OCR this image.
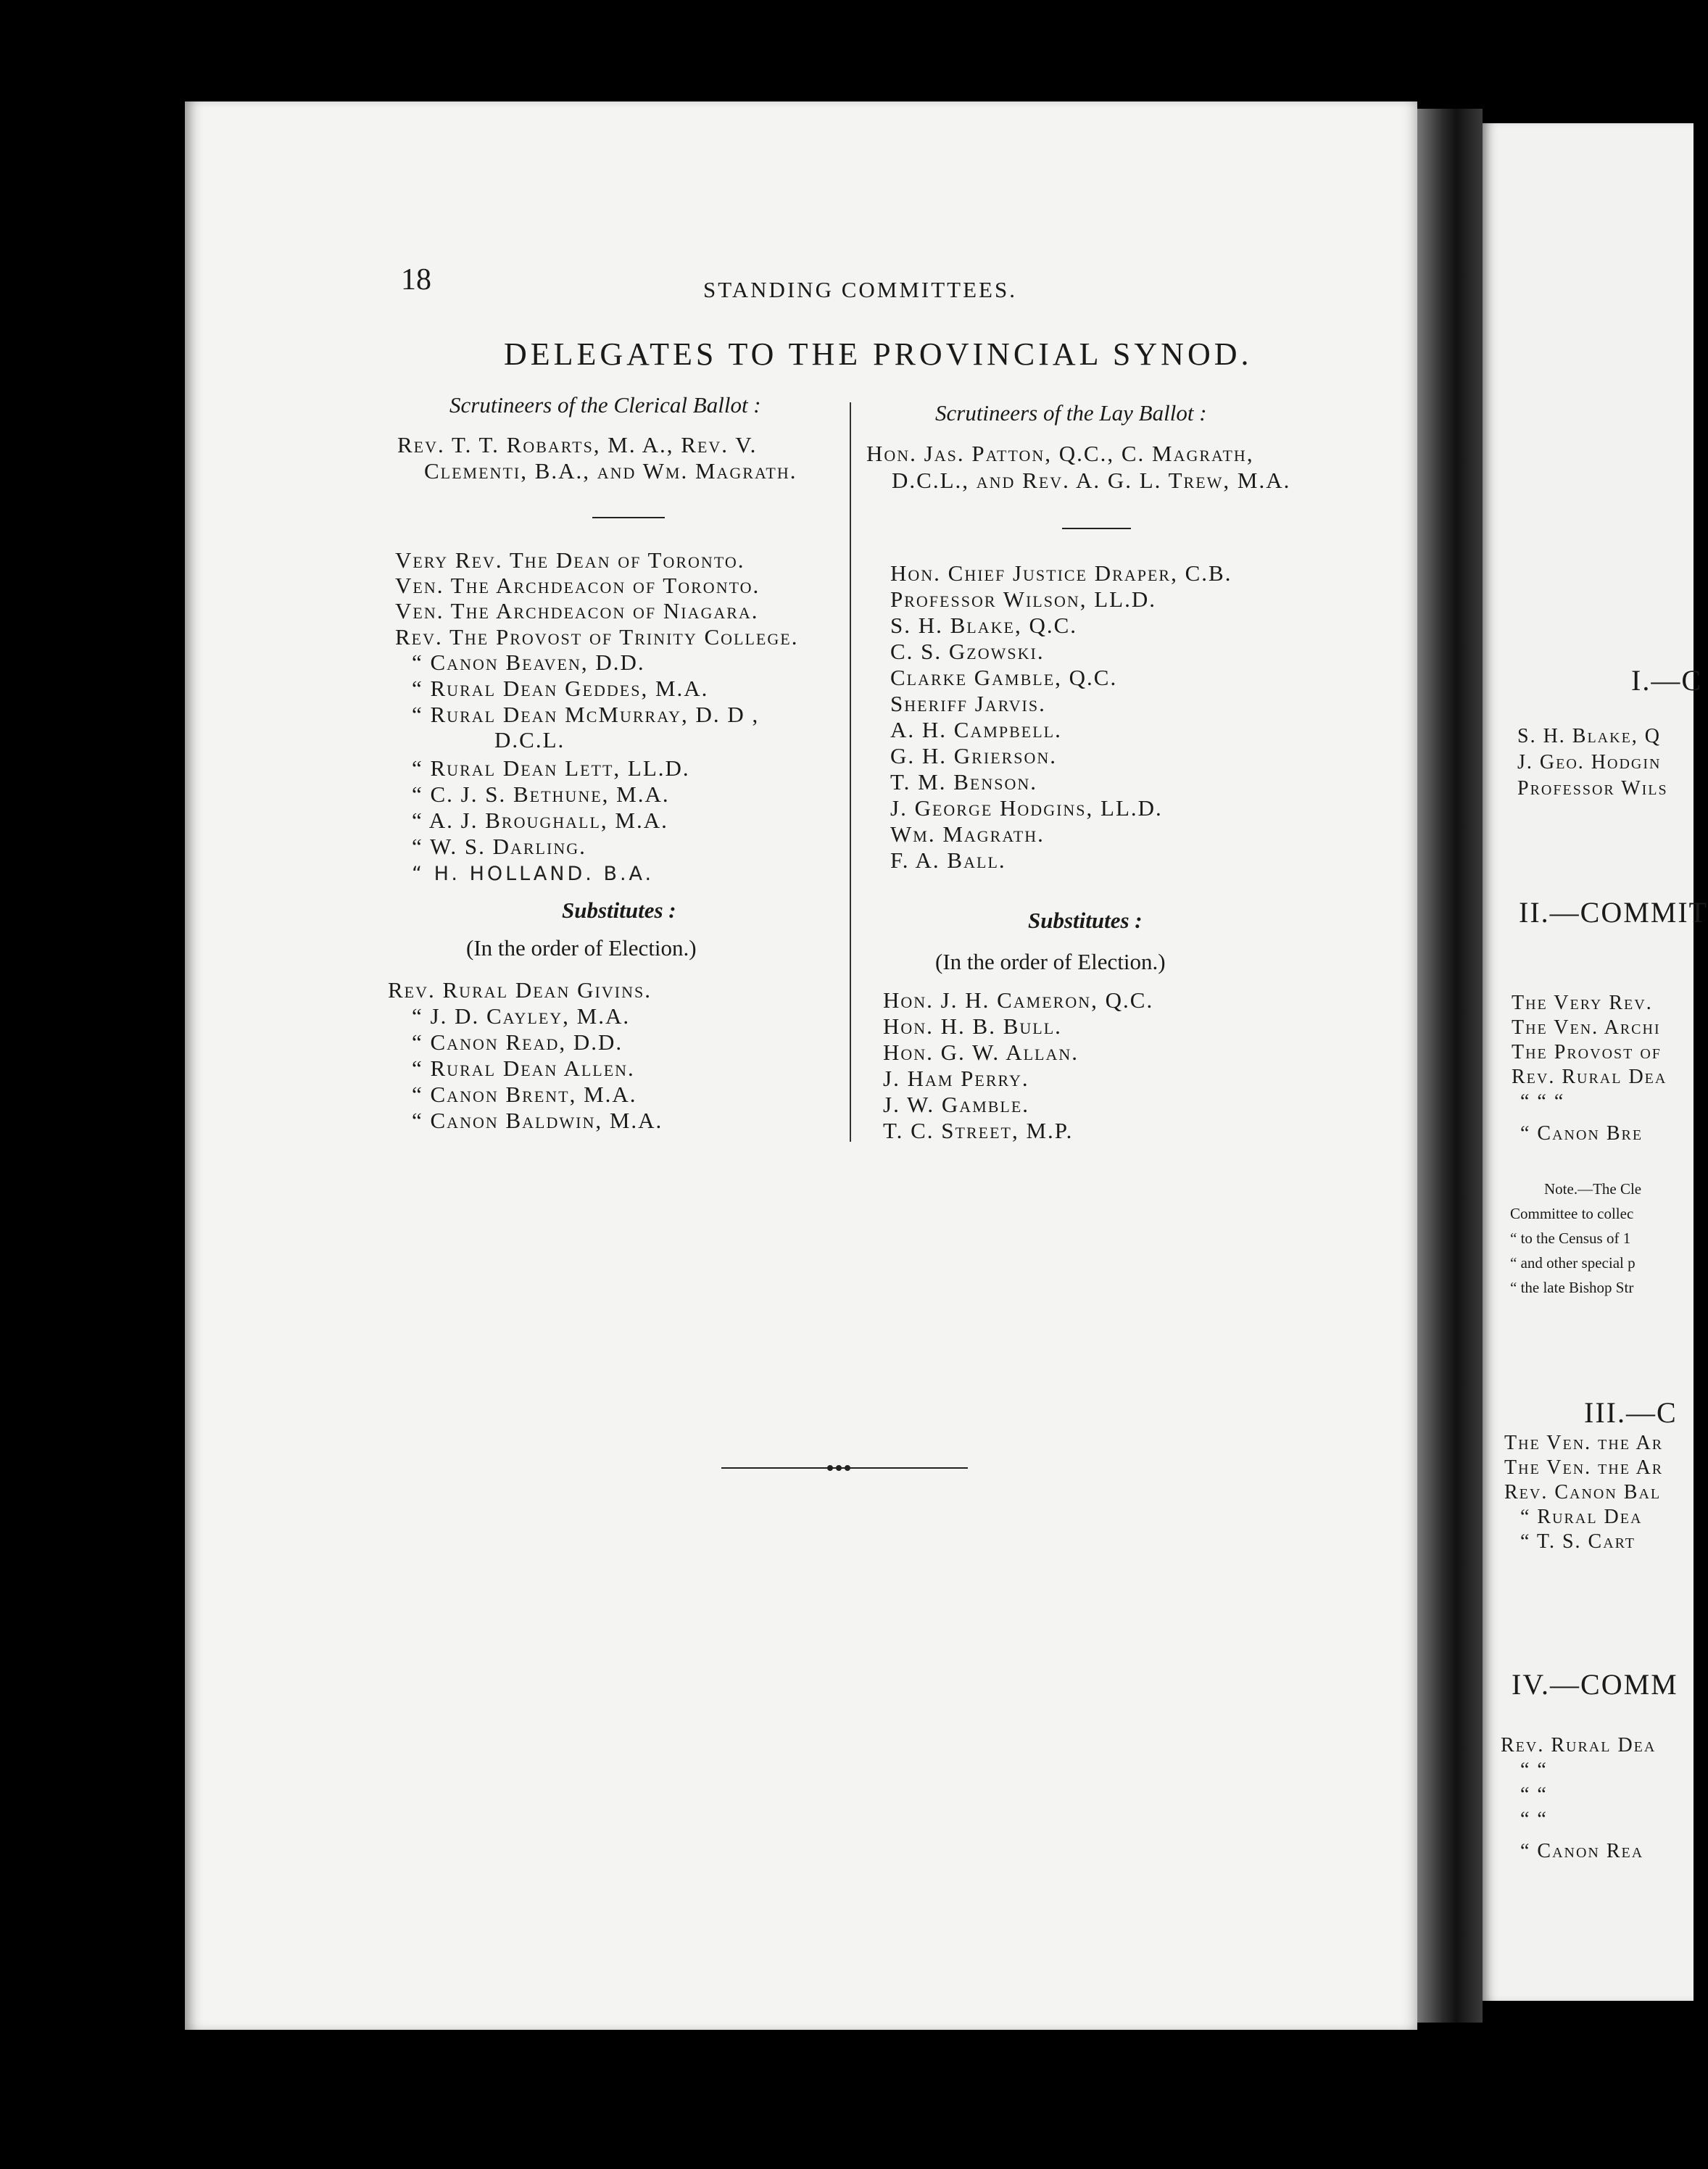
18	STANDING COMMITTEES.
DELEGATES TO THE PROVINCIAL SYNOD.
Scrutineers of the Clerical Ballot :
Rev. T. T. Robarts, M. A., Rev. V.
Clementi, B.A., and Wm. Magrath.
Very Rev. The Dean of Toronto.
Ven. The Archdeacon of Toronto.
Ven. The Archdeacon of Niagara.
Rev. The Provost of Trinity College.
“ Canon Beaven, D.D.
“ Rural Dean Geddes, M.A.
“ Rural Dean McMurray, D. D ,
D.C.L.
“ Rural Dean Lett, LL.D.
“ C. J. S. Bethune, M.A.
“ A. J. Broughall, M.A.
“ W. S. Darling.
“ H. HOLLAND. B.A.
Substitutes :
(In the order of Election.)
Rev. Rural Dean Givins.
“ J. D. Cayley, M.A.
“ Canon Read, D.D.
“ Rural Dean Allen.
“ Canon Brent, M.A.
“ Canon Baldwin, M.A.
Scrutineers of the Lay Ballot :
Hon. Jas. Patton, Q.C., C. Magrath,
D.C.L., and Rev. A. G. L. Trew, M.A.
Hon. Chief Justice Draper, C.B.
Professor Wilson, LL.D.
S. H. Blake, Q.C.
C. S. Gzowski.
Clarke Gamble, Q.C.
Sheriff Jarvis.
A. H. Campbell.
G. H. Grierson.
T. M. Benson.
J. George Hodgins, LL.D.
Wm. Magrath.
F. A. Ball.
Substitutes :
(In the order of Election.)
Hon. J. H. Cameron, Q.C.
Hon. H. B. Bull.
Hon. G. W. Allan.
J. Ham Perry.
J. W. Gamble.
T. C. Street, M.P.
I.—C
S. H. Blake, Q
J. Geo. Hodgin
Professor Wils
II.—COMMIT
The Very Rev.
The Ven. Archi
The Provost of
Rev. Rural Dea
“ “ “
“ Canon Bre
Note.—The Cle
Committee to collec
“ to the Census of 1
“ and other special p
“ the late Bishop Str
III.—C
The Ven. the Ar
The Ven. the Ar
Rev. Canon Bal
“ Rural Dea
“ T. S. Cart
IV.—COMM
Rev. Rural Dea
“ “
“ “
“ “
“ Canon Rea
